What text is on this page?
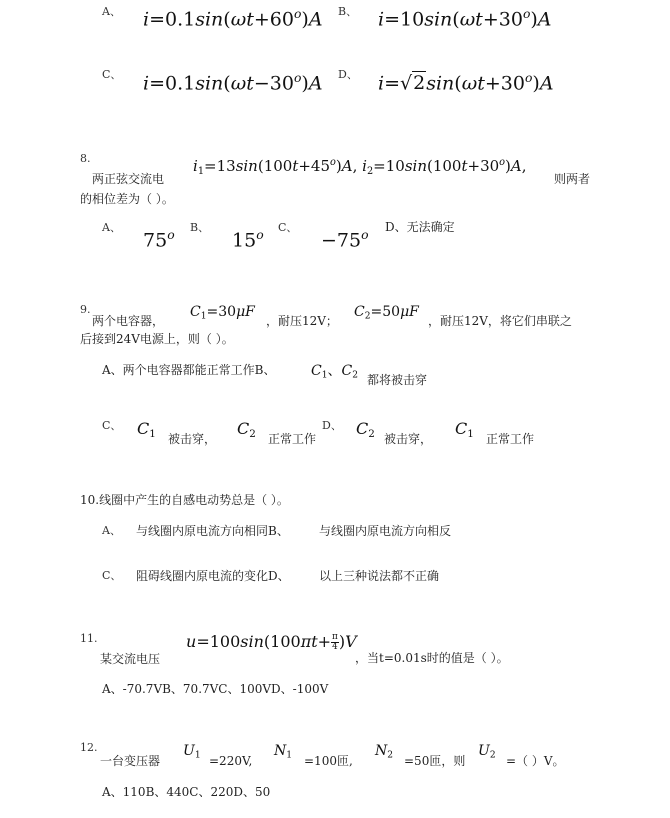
A、 $i=0.1\sin(\omega t+60^o)A$ B、 $i=10\sin(\omega t+30^o)A$
C、 $i=0.1\sin(\omega t-30^o)A$ D、 $i=√2\sin(\omega t+30^o)A$
8.
两正弦交流电
$i_1=13\sin(100t+45^o)A$, $i_2=10\sin(100t+30^o)A$,
则两者
的相位差为（ ）。
A、
75$^o$
B、
15$^o$
C、
$-75^o$
D、无法确定
9.
两个电容器，
$C_1=30\mu F$
，耐压12V；
$C_2=50\mu F$
，耐压12V，将它们串联之
后接到24V电源上，则（ ）。
A、两个电容器都能正常工作B、	$C_1$、$C_2$ 都将被击穿
C、 $C_1$ 被击穿，
$C_2$ 正常工作
D、 $C_2$ 被击穿，
$C_1$ 正常工作
10.线圈中产生的自感电动势总是（ ）。
A、 与线圈内原电流方向相同B、	与线圈内原电流方向相反
C、 阻碍线圈内原电流的变化D、 以上三种说法都不正确
11.
某交流电压
$u=100\sin(100\pi t+ \frac{\pi}{4} )V$
，当t=0.01s时的值是（ ）。
A、-70.7VB、70.7VC、100VD、-100V
12.
一台变压器
$U_1 =220V$,
$N_1 =100$匝,
$N_2 =50$匝，则
$U_2$ =（ ）V。
A、110B、440C、220D、50
